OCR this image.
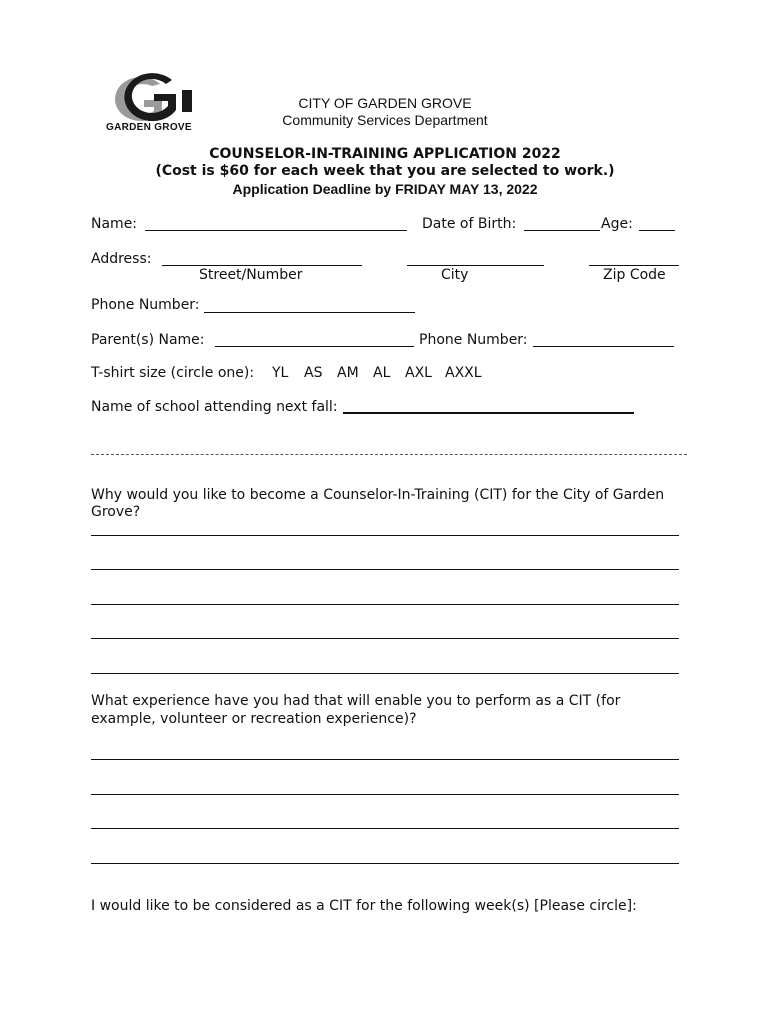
GARDEN GROVE
CITY OF GARDEN GROVE
Community Services Department
COUNSELOR-IN-TRAINING APPLICATION 2022
(Cost is $60 for each week that you are selected to work.)
Application Deadline by FRIDAY MAY 13, 2022
Name:	Date of Birth:	Age:
Address:
Street/Number	City	Zip Code
Phone Number:
Parent(s) Name:	Phone Number:
T-shirt size (circle one): YL AS AM AL AXL AXXL
Name of school attending next fall:
Why would you like to become a Counselor-In-Training (CIT) for the City of Garden
Grove?
What experience have you had that will enable you to perform as a CIT (for
example, volunteer or recreation experience)?
I would like to be considered as a CIT for the following week(s) [Please circle]:
